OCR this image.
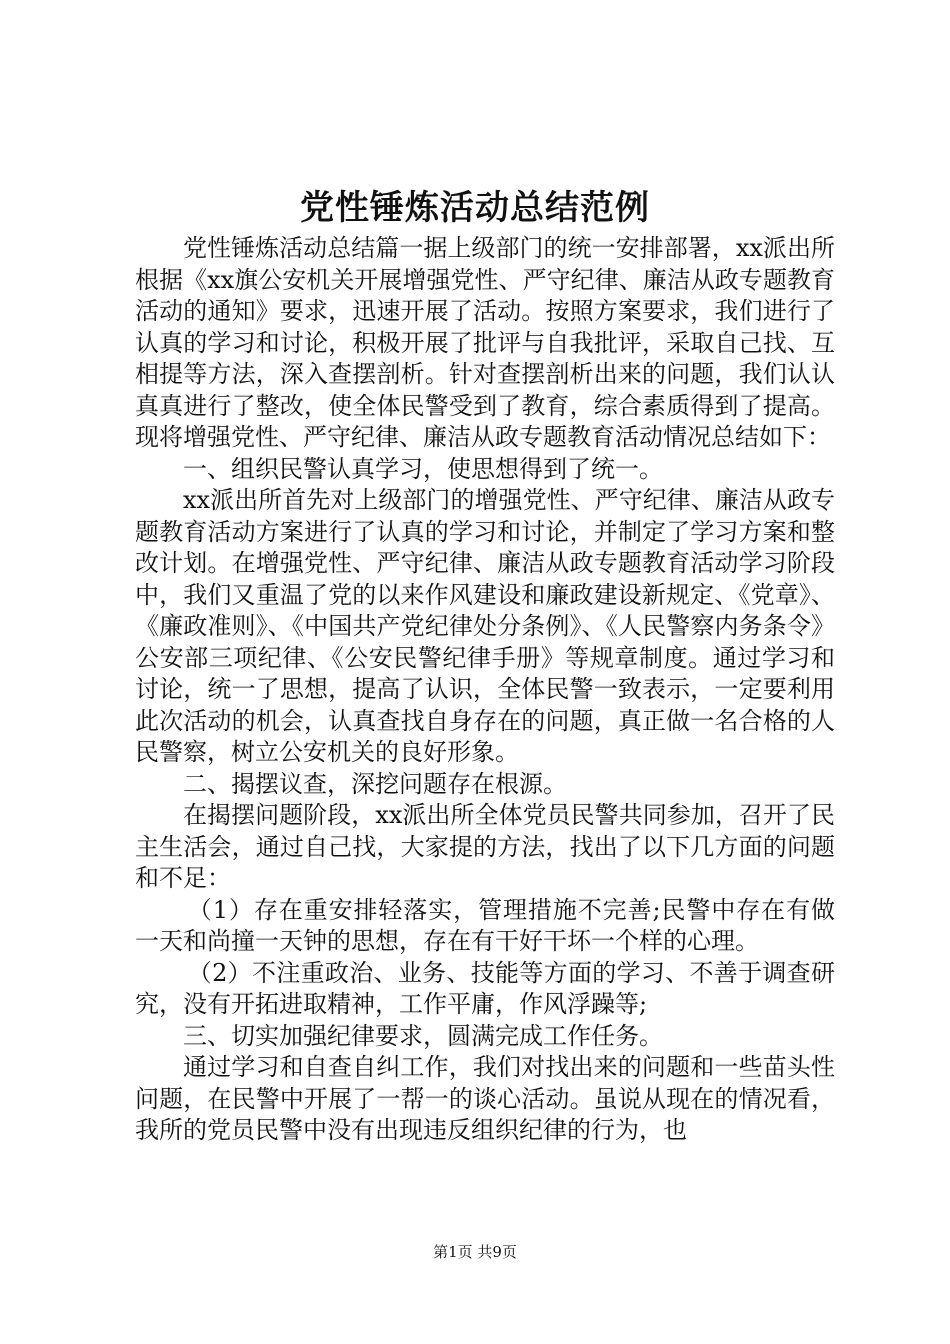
党性锤炼活动总结范例

党性锤炼活动总结篇一据上级部门的统一安排部署，xx派出所根据《xx旗公安机关开展增强党性、严守纪律、廉洁从政专题教育活动的通知》要求，迅速开展了活动。按照方案要求，我们进行了认真的学习和讨论，积极开展了批评与自我批评，采取自己找、互相提等方法，深入查摆剖析。针对查摆剖析出来的问题，我们认认真真进行了整改，使全体民警受到了教育，综合素质得到了提高。现将增强党性、严守纪律、廉洁从政专题教育活动情况总结如下：

一、组织民警认真学习，使思想得到了统一。

xx派出所首先对上级部门的增强党性、严守纪律、廉洁从政专题教育活动方案进行了认真的学习和讨论，并制定了学习方案和整改计划。在增强党性、严守纪律、廉洁从政专题教育活动学习阶段中，我们又重温了党的以来作风建设和廉政建设新规定、《党章》、《廉政准则》、《中国共产党纪律处分条例》、《人民警察内务条令》公安部三项纪律、《公安民警纪律手册》等规章制度。通过学习和讨论，统一了思想，提高了认识，全体民警一致表示，一定要利用此次活动的机会，认真查找自身存在的问题，真正做一名合格的人民警察，树立公安机关的良好形象。

二、揭摆议查，深挖问题存在根源。

在揭摆问题阶段，xx派出所全体党员民警共同参加，召开了民主生活会，通过自己找，大家提的方法，找出了以下几方面的问题和不足：

（1）存在重安排轻落实，管理措施不完善;民警中存在有做一天和尚撞一天钟的思想，存在有干好干坏一个样的心理。

（2）不注重政治、业务、技能等方面的学习、不善于调查研究，没有开拓进取精神，工作平庸，作风浮躁等;

三、切实加强纪律要求，圆满完成工作任务。

通过学习和自查自纠工作，我们对找出来的问题和一些苗头性问题，在民警中开展了一帮一的谈心活动。虽说从现在的情况看，我所的党员民警中没有出现违反组织纪律的行为，也

第1页 共9页
